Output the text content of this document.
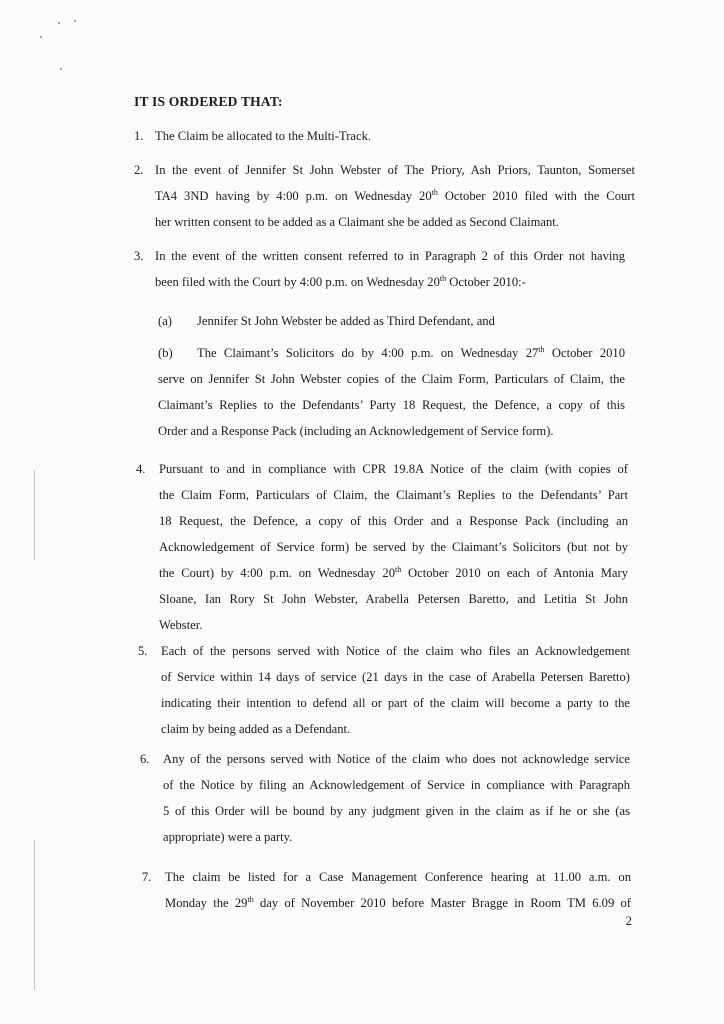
IT IS ORDERED THAT:
1. The Claim be allocated to the Multi-Track.
2. In the event of Jennifer St John Webster of The Priory, Ash Priors, Taunton, Somerset
TA4 3ND having by 4:00 p.m. on Wednesday 20th October 2010 filed with the Court
her written consent to be added as a Claimant she be added as Second Claimant.
3. In the event of the written consent referred to in Paragraph 2 of this Order not having
been filed with the Court by 4:00 p.m. on Wednesday 20th October 2010:-
(a) Jennifer St John Webster be added as Third Defendant, and
(b) The Claimant’s Solicitors do by 4:00 p.m. on Wednesday 27th October 2010
serve on Jennifer St John Webster copies of the Claim Form, Particulars of Claim, the
Claimant’s Replies to the Defendants’ Party 18 Request, the Defence, a copy of this
Order and a Response Pack (including an Acknowledgement of Service form).
4. Pursuant to and in compliance with CPR 19.8A Notice of the claim (with copies of
the Claim Form, Particulars of Claim, the Claimant’s Replies to the Defendants’ Part
18 Request, the Defence, a copy of this Order and a Response Pack (including an
Acknowledgement of Service form) be served by the Claimant’s Solicitors (but not by
the Court) by 4:00 p.m. on Wednesday 20th October 2010 on each of Antonia Mary
Sloane, Ian Rory St John Webster, Arabella Petersen Baretto, and Letitia St John
Webster.
5. Each of the persons served with Notice of the claim who files an Acknowledgement
of Service within 14 days of service (21 days in the case of Arabella Petersen Baretto)
indicating their intention to defend all or part of the claim will become a party to the
claim by being added as a Defendant.
6. Any of the persons served with Notice of the claim who does not acknowledge service
of the Notice by filing an Acknowledgement of Service in compliance with Paragraph
5 of this Order will be bound by any judgment given in the claim as if he or she (as
appropriate) were a party.
7. The claim be listed for a Case Management Conference hearing at 11.00 a.m. on
Monday the 29th day of November 2010 before Master Bragge in Room TM 6.09 of
2
